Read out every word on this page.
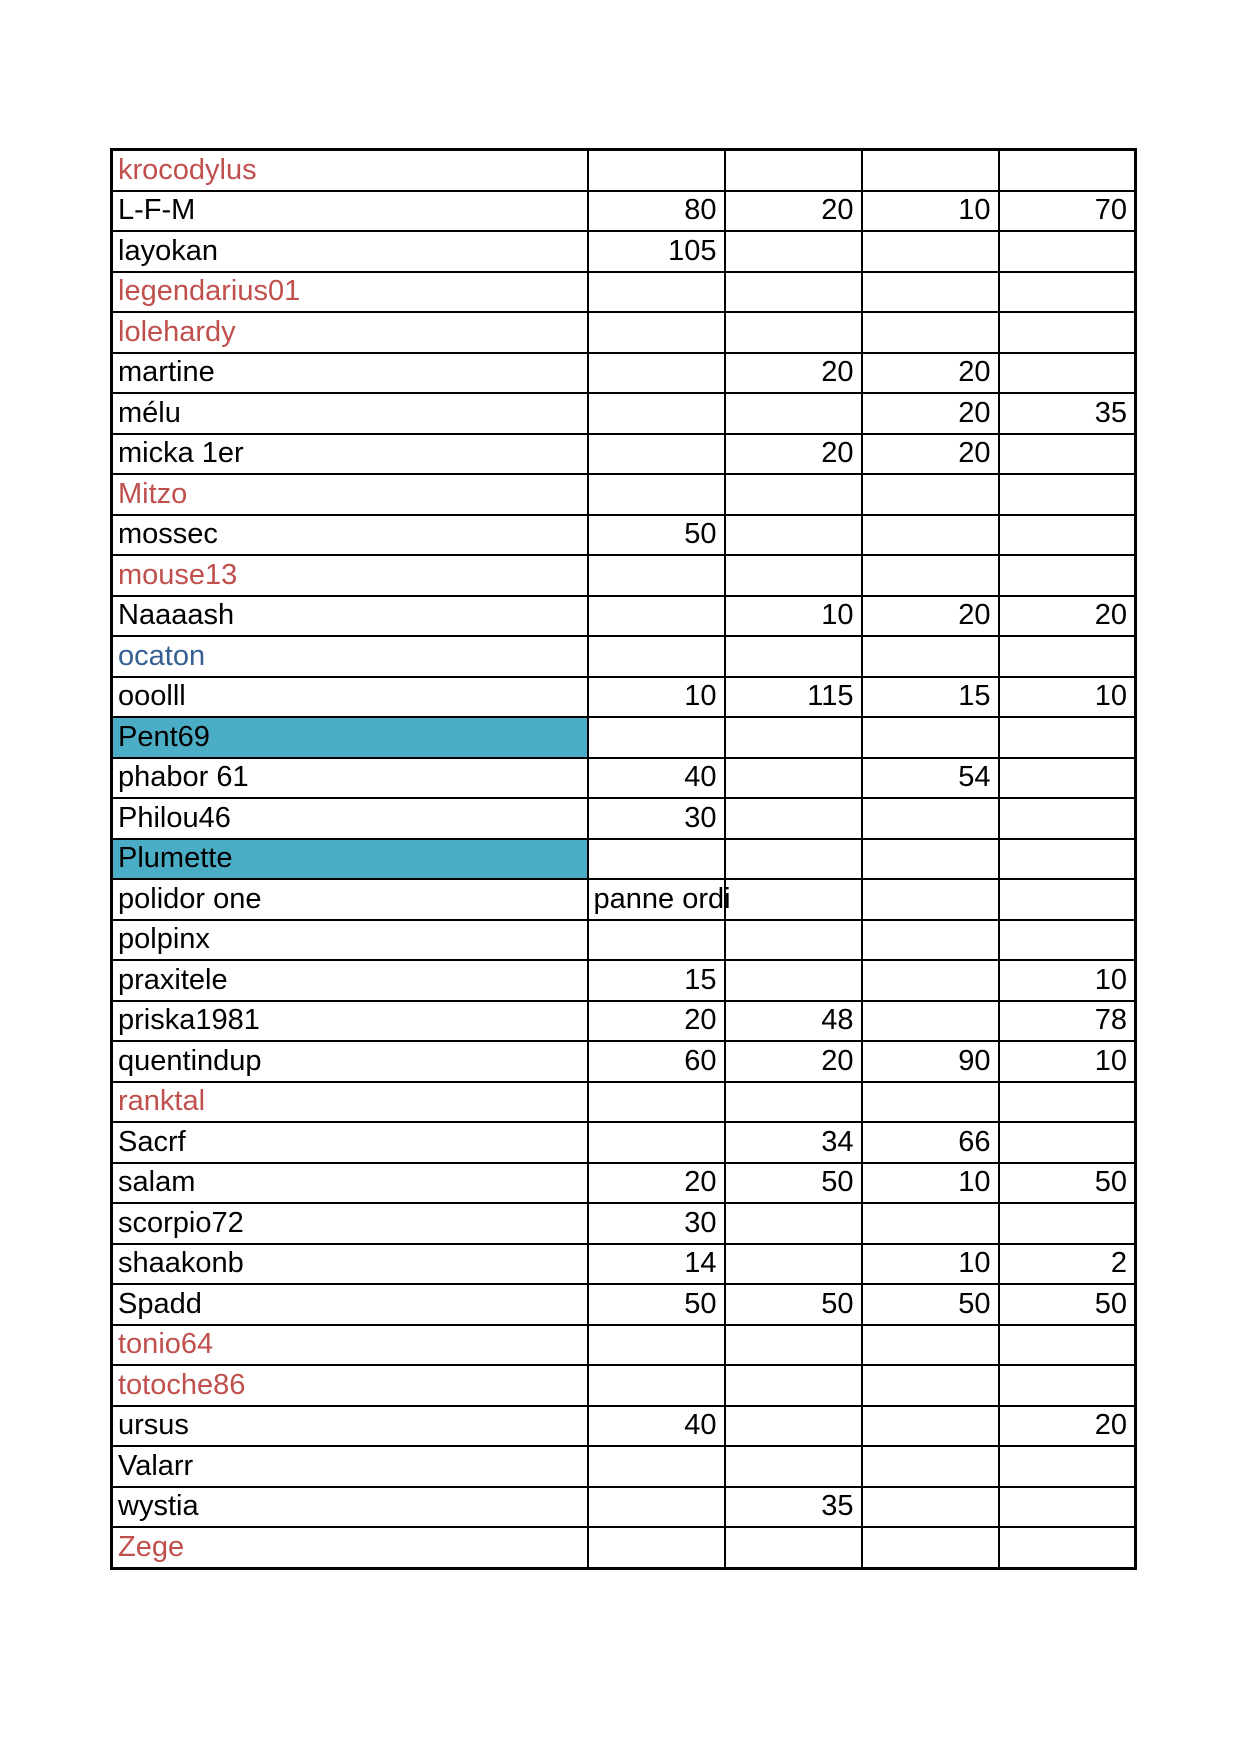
krocodylus				
L-F-M	80	20	10	70
layokan	105			
legendarius01				
lolehardy				
martine		20	20	
mélu			20	35
micka 1er		20	20	
Mitzo				
mossec	50			
mouse13				
Naaaash		10	20	20
ocaton				
ooolll	10	115	15	10
Pent69				
phabor 61	40		54	
Philou46	30			
Plumette				
polidor one	panne ordi			
polpinx				
praxitele	15			10
priska1981	20	48		78
quentindup	60	20	90	10
ranktal				
Sacrf		34	66	
salam	20	50	10	50
scorpio72	30			
shaakonb	14		10	2
Spadd	50	50	50	50
tonio64				
totoche86				
ursus	40			20
Valarr				
wystia		35		
Zege				
